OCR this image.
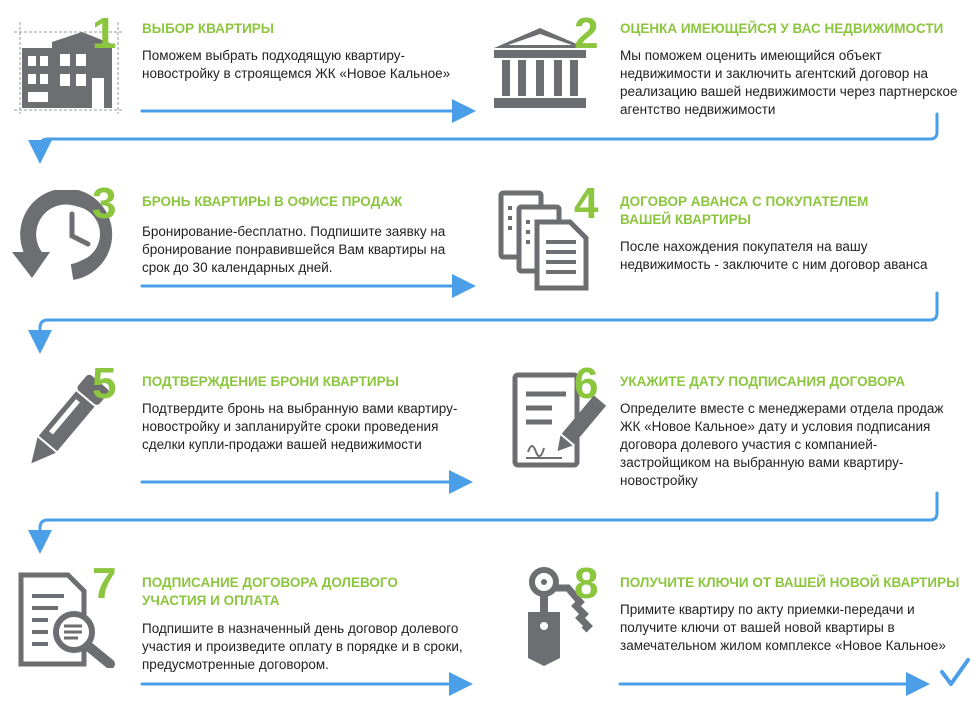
1 ВЫБОР КВАРТИРЫ
Поможем выбрать подходящую квартиру-новостройку в строящемся ЖК «Новое Кальное»
2 ОЦЕНКА ИМЕЮЩЕЙСЯ У ВАС НЕДВИЖИМОСТИ
Мы поможем оценить имеющийся объект недвижимости и заключить агентский договор на реализацию вашей недвижимости через партнерское агентство недвижимости
3 БРОНЬ КВАРТИРЫ В ОФИСЕ ПРОДАЖ
Бронирование-бесплатно. Подпишите заявку на бронирование понравившейся Вам квартиры на срок до 30 календарных дней.
4 ДОГОВОР АВАНСА С ПОКУПАТЕЛЕМ ВАШЕЙ КВАРТИРЫ
После нахождения покупателя на вашу недвижимость - заключите с ним договор аванса
5 ПОДТВЕРЖДЕНИЕ БРОНИ КВАРТИРЫ
Подтвердите бронь на выбранную вами квартиру-новостройку и запланируйте сроки проведения сделки купли-продажи вашей недвижимости
6 УКАЖИТЕ ДАТУ ПОДПИСАНИЯ ДОГОВОРА
Определите вместе с менеджерами отдела продаж ЖК «Новое Кальное» дату и условия подписания договора долевого участия с компанией-застройщиком на выбранную вами квартиру-новостройку
7 ПОДПИСАНИЕ ДОГОВОРА ДОЛЕВОГО УЧАСТИЯ И ОПЛАТА
Подпишите в назначенный день договор долевого участия и произведите оплату в порядке и в сроки, предусмотренные договором.
8 ПОЛУЧИТЕ КЛЮЧИ ОТ ВАШЕЙ НОВОЙ КВАРТИРЫ
Примите квартиру по акту приемки-передачи и получите ключи от вашей новой квартиры в замечательном жилом комплексе «Новое Кальное»
